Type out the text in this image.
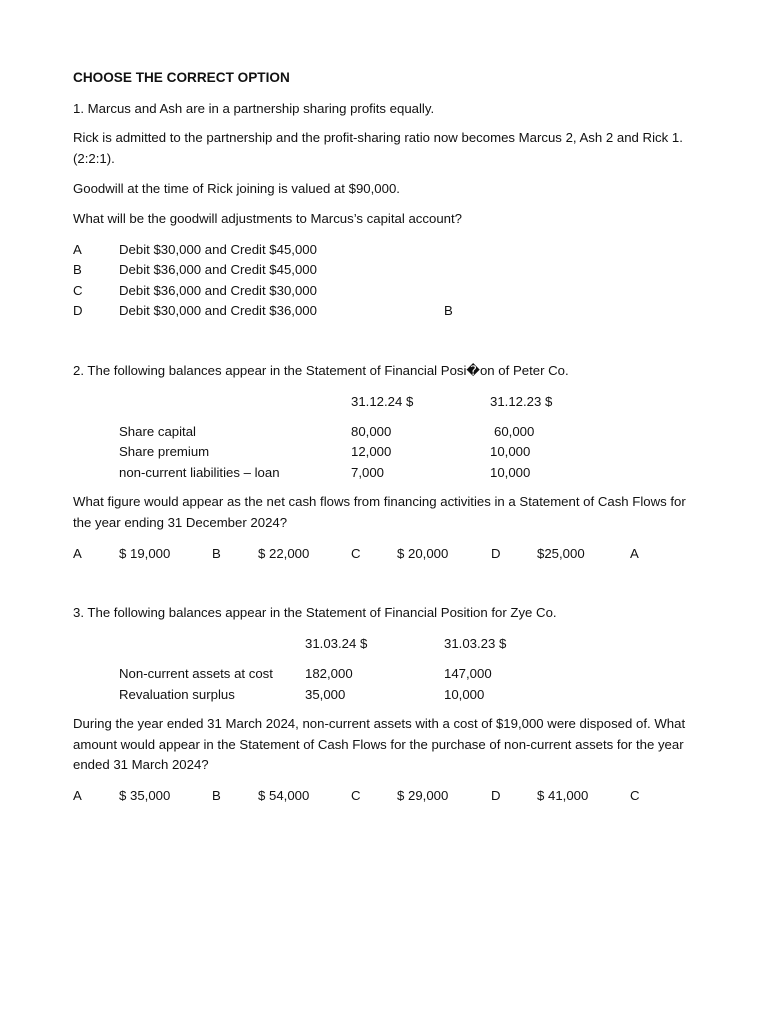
CHOOSE THE CORRECT OPTION
1. Marcus and Ash are in a partnership sharing profits equally.
Rick is admitted to the partnership and the profit-sharing ratio now becomes Marcus 2, Ash 2 and Rick 1. (2:2:1).
Goodwill at the time of Rick joining is valued at $90,000.
What will be the goodwill adjustments to Marcus’s capital account?
A	Debit $30,000 and Credit $45,000
B	Debit $36,000 and Credit $45,000
C	Debit $36,000 and Credit $30,000
D	Debit $30,000 and Credit $36,000	B
2. The following balances appear in the Statement of Financial Posi�on of Peter Co.
31.12.24 $	31.12.23 $
Share capital	80,000	60,000
Share premium	12,000	10,000
non-current liabilities – loan	7,000	10,000
What figure would appear as the net cash flows from financing activities in a Statement of Cash Flows for the year ending 31 December 2024?
A	$ 19,000	B	$ 22,000	C	$ 20,000	D	$25,000	A
3. The following balances appear in the Statement of Financial Position for Zye Co.
31.03.24 $	31.03.23 $
Non-current assets at cost 182,000	147,000
Revaluation surplus	35,000	10,000
During the year ended 31 March 2024, non-current assets with a cost of $19,000 were disposed of. What amount would appear in the Statement of Cash Flows for the purchase of non-current assets for the year ended 31 March 2024?
A	$ 35,000	B	$ 54,000	C	$ 29,000	D	$ 41,000	C
